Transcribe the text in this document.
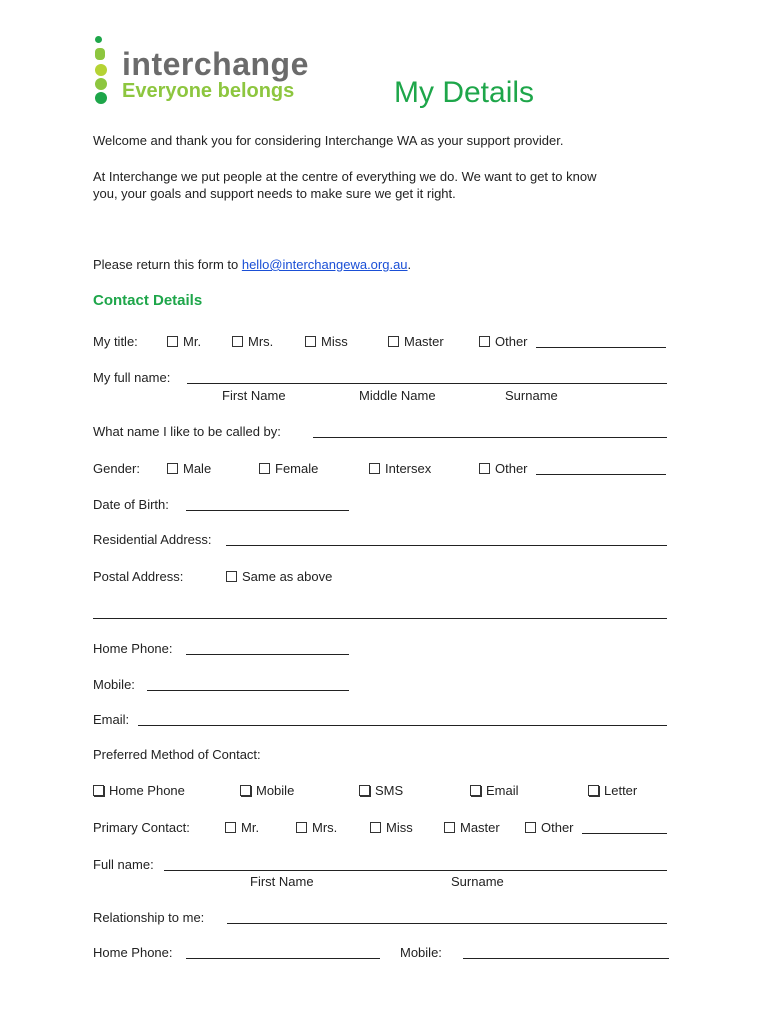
interchange
Everyone belongs	My Details
Welcome and thank you for considering Interchange WA as your support provider.
At Interchange we put people at the centre of everything we do. We want to get to know
you, your goals and support needs to make sure we get it right.
Please return this form to hello@interchangewa.org.au.
Contact Details
My title:	Mr.	Mrs.	Miss	Master	Other
My full name:
First Name	Middle Name	Surname
What name I like to be called by:
Gender:	Male	Female	Intersex	Other
Date of Birth:
Residential Address:
Postal Address:	Same as above
Home Phone:
Mobile:
Email:
Preferred Method of Contact:
Home Phone	Mobile	SMS	Email	Letter
Primary Contact:	Mr.	Mrs.	Miss	Master	Other
Full name:
First Name	Surname
Relationship to me:
Home Phone:	Mobile:
